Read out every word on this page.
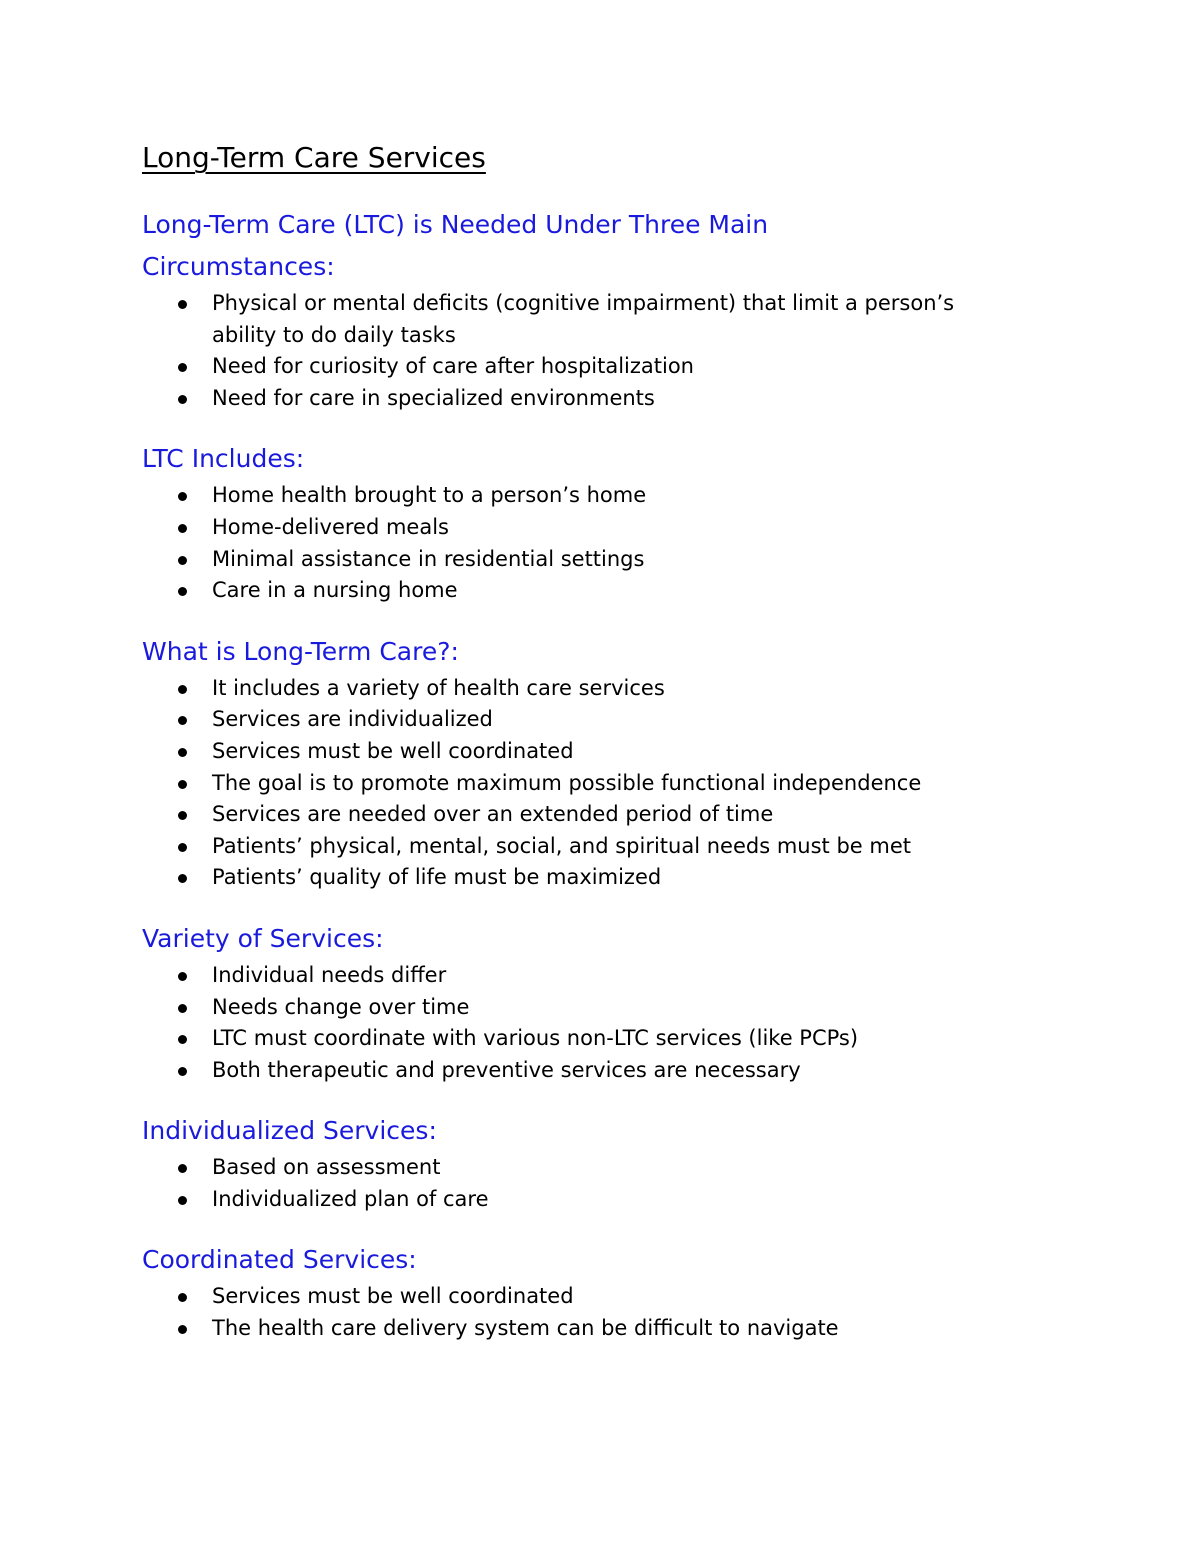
Long-Term Care Services
Long-Term Care (LTC) is Needed Under Three Main
Circumstances:
Physical or mental deficits (cognitive impairment) that limit a person’s ability to do daily tasks
Need for curiosity of care after hospitalization
Need for care in specialized environments
LTC Includes:
Home health brought to a person’s home
Home-delivered meals
Minimal assistance in residential settings
Care in a nursing home
What is Long-Term Care?:
It includes a variety of health care services
Services are individualized
Services must be well coordinated
The goal is to promote maximum possible functional independence
Services are needed over an extended period of time
Patients’ physical, mental, social, and spiritual needs must be met
Patients’ quality of life must be maximized
Variety of Services:
Individual needs differ
Needs change over time
LTC must coordinate with various non-LTC services (like PCPs)
Both therapeutic and preventive services are necessary
Individualized Services:
Based on assessment
Individualized plan of care
Coordinated Services:
Services must be well coordinated
The health care delivery system can be difficult to navigate
